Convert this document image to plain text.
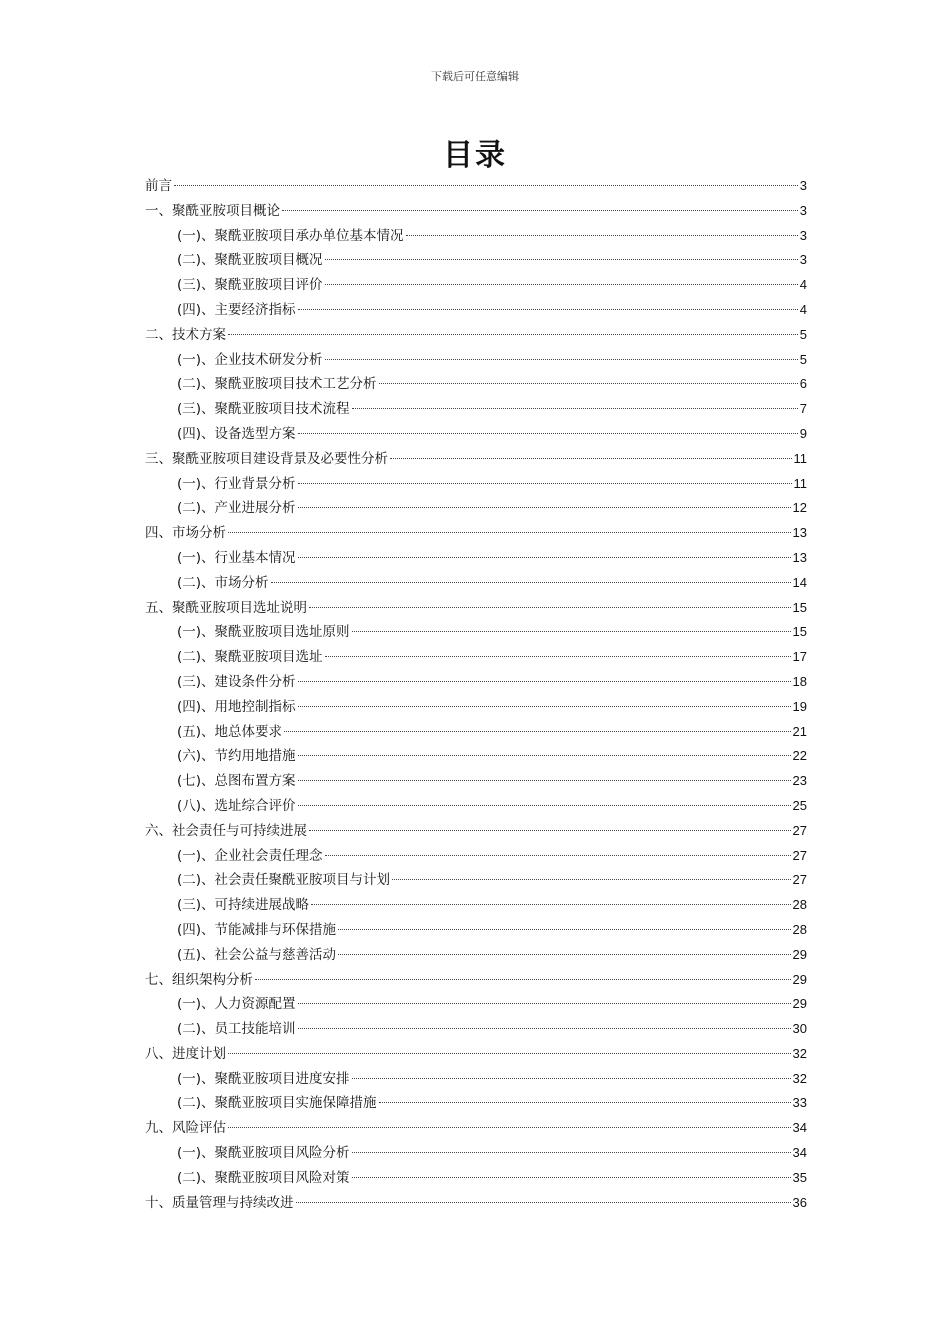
下载后可任意编辑
目录
前言	3
一、聚酰亚胺项目概论	3
(一)、聚酰亚胺项目承办单位基本情况	3
(二)、聚酰亚胺项目概况	3
(三)、聚酰亚胺项目评价	4
(四)、主要经济指标	4
二、技术方案	5
(一)、企业技术研发分析	5
(二)、聚酰亚胺项目技术工艺分析	6
(三)、聚酰亚胺项目技术流程	7
(四)、设备选型方案	9
三、聚酰亚胺项目建设背景及必要性分析	11
(一)、行业背景分析	11
(二)、产业进展分析	12
四、市场分析	13
(一)、行业基本情况	13
(二)、市场分析	14
五、聚酰亚胺项目选址说明	15
(一)、聚酰亚胺项目选址原则	15
(二)、聚酰亚胺项目选址	17
(三)、建设条件分析	18
(四)、用地控制指标	19
(五)、地总体要求	21
(六)、节约用地措施	22
(七)、总图布置方案	23
(八)、选址综合评价	25
六、社会责任与可持续进展	27
(一)、企业社会责任理念	27
(二)、社会责任聚酰亚胺项目与计划	27
(三)、可持续进展战略	28
(四)、节能减排与环保措施	28
(五)、社会公益与慈善活动	29
七、组织架构分析	29
(一)、人力资源配置	29
(二)、员工技能培训	30
八、进度计划	32
(一)、聚酰亚胺项目进度安排	32
(二)、聚酰亚胺项目实施保障措施	33
九、风险评估	34
(一)、聚酰亚胺项目风险分析	34
(二)、聚酰亚胺项目风险对策	35
十、质量管理与持续改进	36
